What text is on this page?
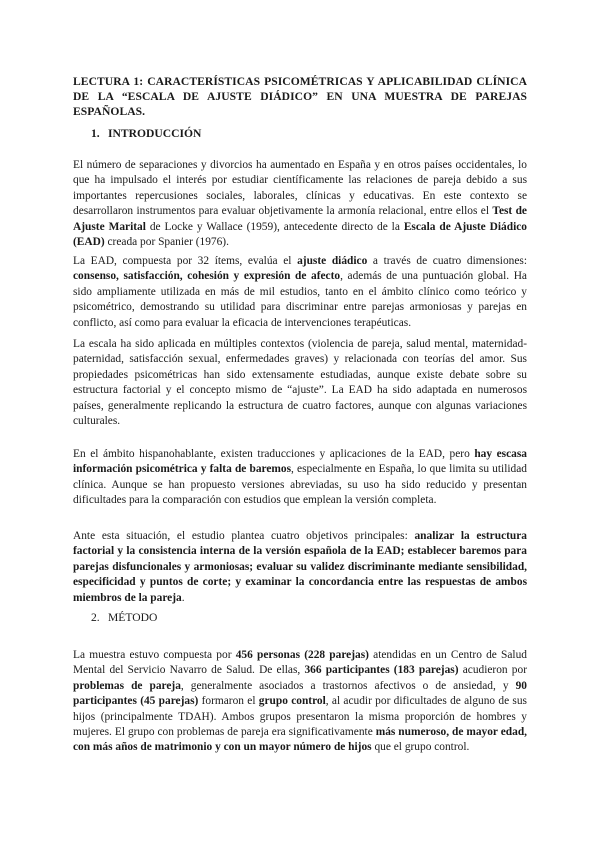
LECTURA 1: CARACTERÍSTICAS PSICOMÉTRICAS Y APLICABILIDAD CLÍNICA DE LA “ESCALA DE AJUSTE DIÁDICO” EN UNA MUESTRA DE PAREJAS ESPAÑOLAS.
1. INTRODUCCIÓN

El número de separaciones y divorcios ha aumentado en España y en otros países occidentales, lo que ha impulsado el interés por estudiar científicamente las relaciones de pareja debido a sus importantes repercusiones sociales, laborales, clínicas y educativas. En este contexto se desarrollaron instrumentos para evaluar objetivamente la armonía relacional, entre ellos el Test de Ajuste Marital de Locke y Wallace (1959), antecedente directo de la Escala de Ajuste Diádico (EAD) creada por Spanier (1976).

La EAD, compuesta por 32 ítems, evalúa el ajuste diádico a través de cuatro dimensiones: consenso, satisfacción, cohesión y expresión de afecto, además de una puntuación global. Ha sido ampliamente utilizada en más de mil estudios, tanto en el ámbito clínico como teórico y psicométrico, demostrando su utilidad para discriminar entre parejas armoniosas y parejas en conflicto, así como para evaluar la eficacia de intervenciones terapéuticas.

La escala ha sido aplicada en múltiples contextos (violencia de pareja, salud mental, maternidad-paternidad, satisfacción sexual, enfermedades graves) y relacionada con teorías del amor. Sus propiedades psicométricas han sido extensamente estudiadas, aunque existe debate sobre su estructura factorial y el concepto mismo de “ajuste”. La EAD ha sido adaptada en numerosos países, generalmente replicando la estructura de cuatro factores, aunque con algunas variaciones culturales.

En el ámbito hispanohablante, existen traducciones y aplicaciones de la EAD, pero hay escasa información psicométrica y falta de baremos, especialmente en España, lo que limita su utilidad clínica. Aunque se han propuesto versiones abreviadas, su uso ha sido reducido y presentan dificultades para la comparación con estudios que emplean la versión completa.

Ante esta situación, el estudio plantea cuatro objetivos principales: analizar la estructura factorial y la consistencia interna de la versión española de la EAD; establecer baremos para parejas disfuncionales y armoniosas; evaluar su validez discriminante mediante sensibilidad, especificidad y puntos de corte; y examinar la concordancia entre las respuestas de ambos miembros de la pareja.

2. MÉTODO

La muestra estuvo compuesta por 456 personas (228 parejas) atendidas en un Centro de Salud Mental del Servicio Navarro de Salud. De ellas, 366 participantes (183 parejas) acudieron por problemas de pareja, generalmente asociados a trastornos afectivos o de ansiedad, y 90 participantes (45 parejas) formaron el grupo control, al acudir por dificultades de alguno de sus hijos (principalmente TDAH). Ambos grupos presentaron la misma proporción de hombres y mujeres. El grupo con problemas de pareja era significativamente más numeroso, de mayor edad, con más años de matrimonio y con un mayor número de hijos que el grupo control.
